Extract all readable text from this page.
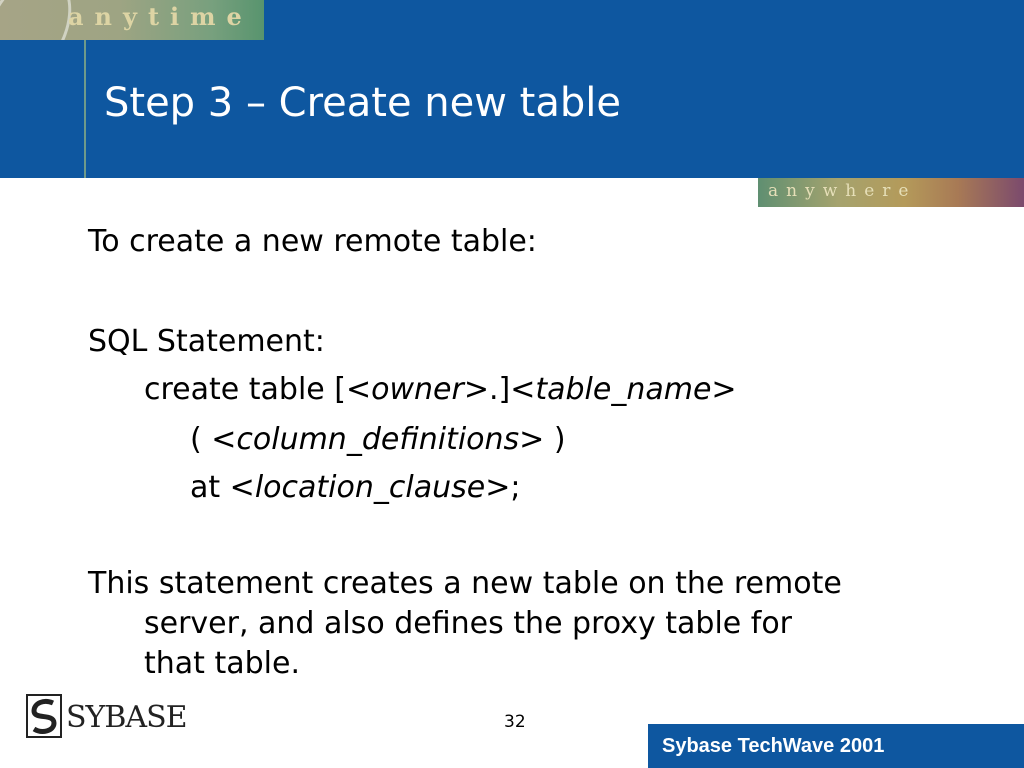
anytime
Step 3 – Create new table
anywhere
To create a new remote table:
SQL Statement:
create table [<owner>.]<table_name>
( <column_definitions> )
at <location_clause>;

This statement creates a new table on the remote
server, and also defines the proxy table for
that table.

SYBASE	32
Sybase TechWave 2001
